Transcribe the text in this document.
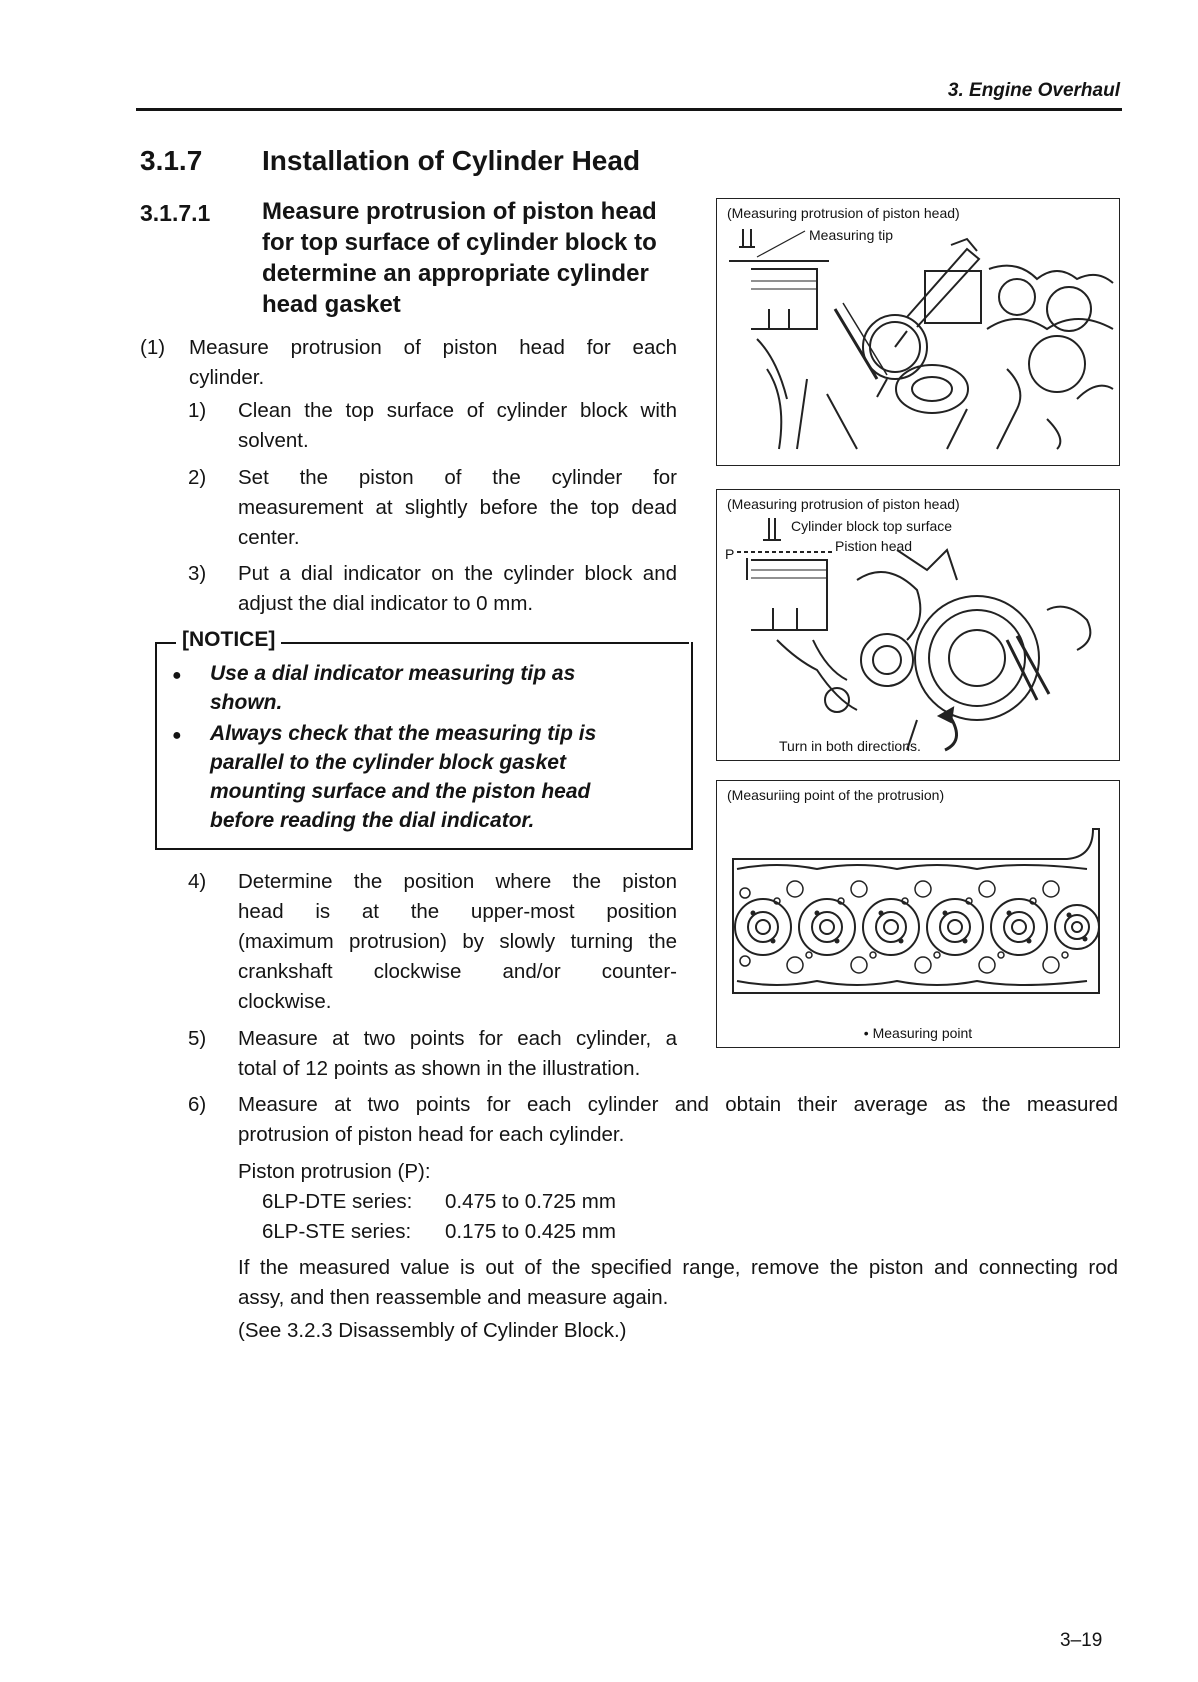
3. Engine Overhaul
3.1.7 Installation of Cylinder Head
3.1.7.1 Measure protrusion of piston head
for top surface of cylinder block to
determine an appropriate cylinder
head gasket
(1) Measure protrusion of piston head for each
cylinder.
1) Clean the top surface of cylinder block with
solvent.
2) Set the piston of the cylinder for
measurement at slightly before the top dead
center.
3) Put a dial indicator on the cylinder block and
adjust the dial indicator to 0 mm.
[NOTICE]
● Use a dial indicator measuring tip as
shown.
● Always check that the measuring tip is
parallel to the cylinder block gasket
mounting surface and the piston head
before reading the dial indicator.
4) Determine the position where the piston
head is at the upper-most position
(maximum protrusion) by slowly turning the
crankshaft clockwise and/or counter-
clockwise.
5) Measure at two points for each cylinder, a
total of 12 points as shown in the illustration.
6) Measure at two points for each cylinder and obtain their average as the measured
protrusion of piston head for each cylinder.
Piston protrusion (P):
6LP-DTE series: 0.475 to 0.725 mm
6LP-STE series: 0.175 to 0.425 mm
If the measured value is out of the specified range, remove the piston and connecting rod
assy, and then reassemble and measure again.
(See 3.2.3 Disassembly of Cylinder Block.)
(Measuring protrusion of piston head)
Measuring tip
(Measuring protrusion of piston head)
Cylinder block top surface
Pistion head
P
Turn in both directions.
(Measuriing point of the protrusion)
• Measuring point
3–19
